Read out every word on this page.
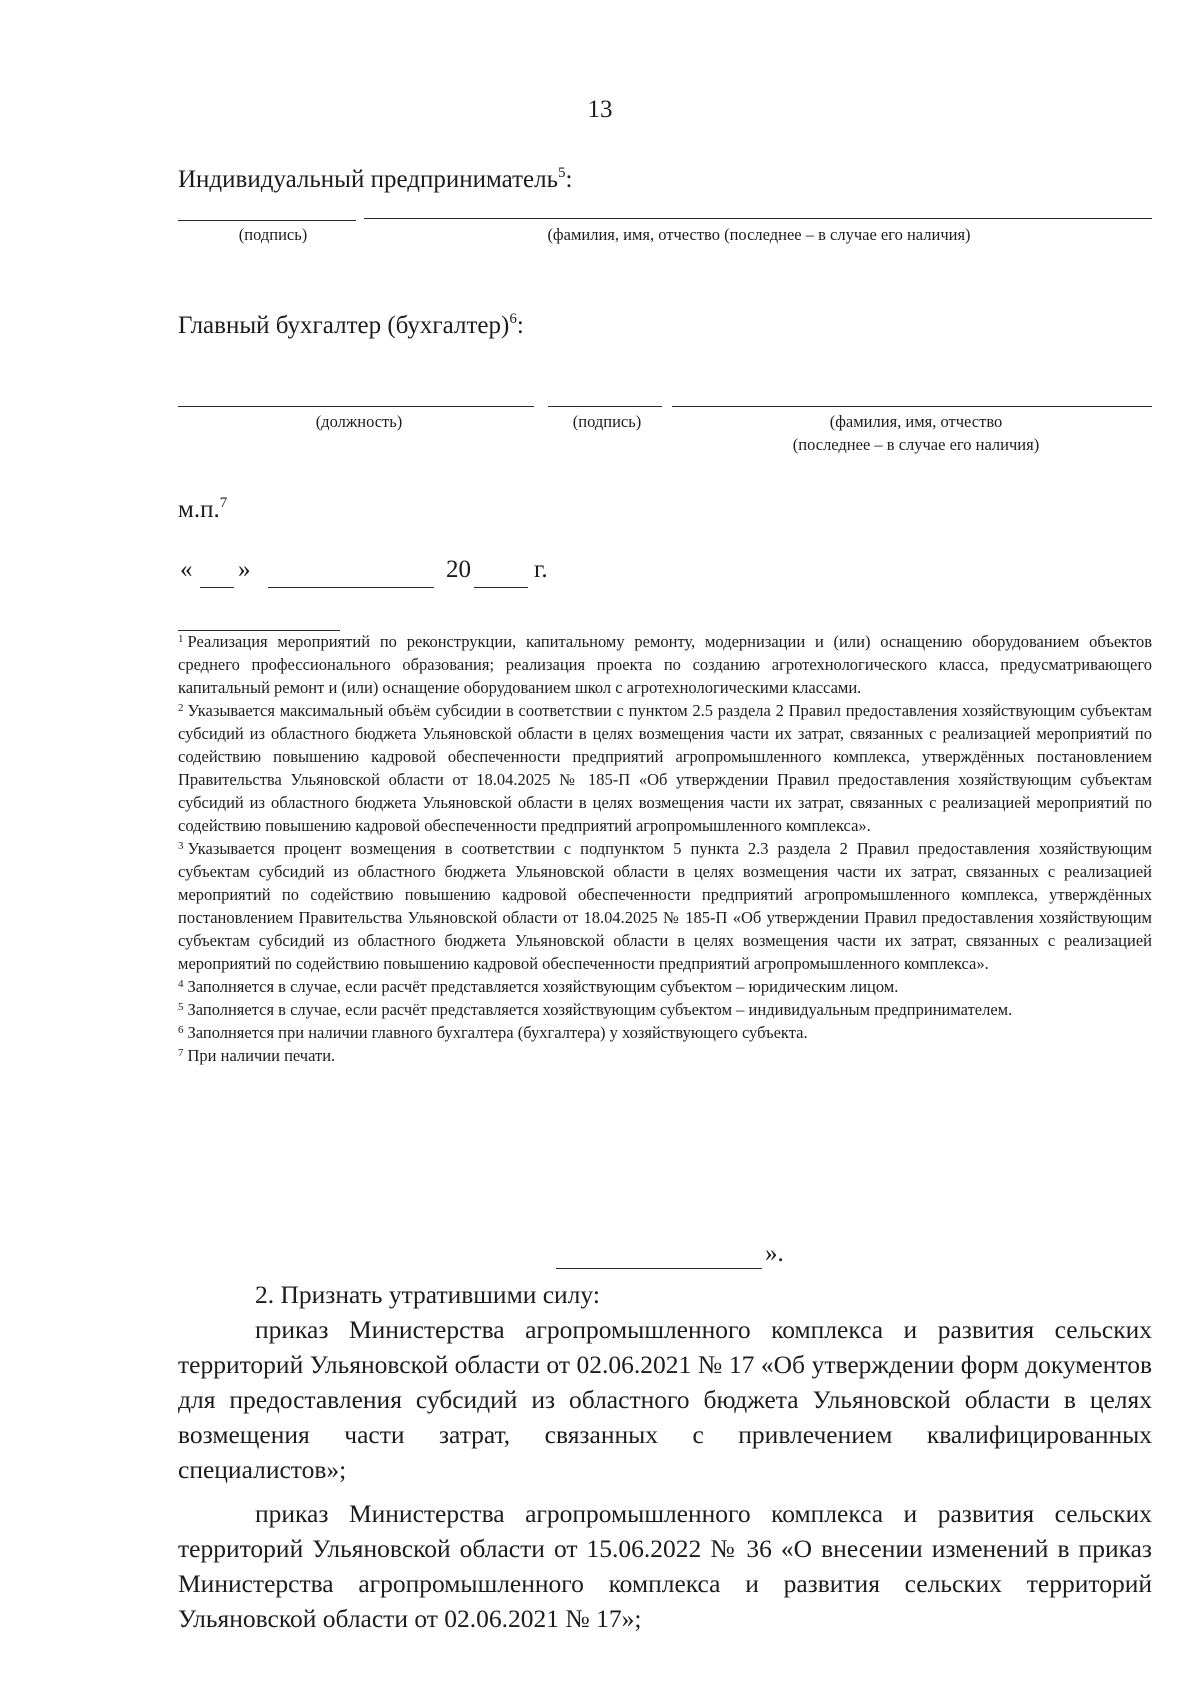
13
Индивидуальный предприниматель$^5$:
(подпись)	(фамилия, имя, отчество (последнее – в случае его наличия)
Главный бухгалтер (бухгалтер)$^6$:
(должность)	(подпись)	(фамилия, имя, отчество
(последнее – в случае его наличия)
м.п.$^7$
« »	20	г.

$^1$ Реализация мероприятий по реконструкции, капитальному ремонту, модернизации и (или) оснащению оборудованием объектов среднего профессионального образования; реализация проекта по созданию агротехнологического класса, предусматривающего капитальный ремонт и (или) оснащение оборудованием школ с агротехнологическими классами.

$^2$ Указывается максимальный объём субсидии в соответствии с пунктом 2.5 раздела 2 Правил предоставления хозяйствующим субъектам субсидий из областного бюджета Ульяновской области в целях возмещения части их затрат, связанных с реализацией мероприятий по содействию повышению кадровой обеспеченности предприятий агропромышленного комплекса, утверждённых постановлением Правительства Ульяновской области от 18.04.2025 № 185-П «Об утверждении Правил предоставления хозяйствующим субъектам субсидий из областного бюджета Ульяновской области в целях возмещения части их затрат, связанных с реализацией мероприятий по содействию повышению кадровой обеспеченности предприятий агропромышленного комплекса».

$^3$ Указывается процент возмещения в соответствии с подпунктом 5 пункта 2.3 раздела 2 Правил предоставления хозяйствующим субъектам субсидий из областного бюджета Ульяновской области в целях возмещения части их затрат, связанных с реализацией мероприятий по содействию повышению кадровой обеспеченности предприятий агропромышленного комплекса, утверждённых постановлением Правительства Ульяновской области от 18.04.2025 № 185-П «Об утверждении Правил предоставления хозяйствующим субъектам субсидий из областного бюджета Ульяновской области в целях возмещения части их затрат, связанных с реализацией мероприятий по содействию повышению кадровой обеспеченности предприятий агропромышленного комплекса».

$^4$ Заполняется в случае, если расчёт представляется хозяйствующим субъектом – юридическим лицом.

$^5$ Заполняется в случае, если расчёт представляется хозяйствующим субъектом – индивидуальным предпринимателем.

$^6$ Заполняется при наличии главного бухгалтера (бухгалтера) у хозяйствующего субъекта.

$^7$ При наличии печати.

».

2. Признать утратившими силу:

приказ Министерства агропромышленного комплекса и развития сельских территорий Ульяновской области от 02.06.2021 № 17 «Об утверждении форм документов для предоставления субсидий из областного бюджета Ульяновской области в целях возмещения части затрат, связанных с привлечением квалифицированных специалистов»;

приказ Министерства агропромышленного комплекса и развития сельских территорий Ульяновской области от 15.06.2022 № 36 «О внесении изменений в приказ Министерства агропромышленного комплекса и развития сельских территорий Ульяновской области от 02.06.2021 № 17»;
